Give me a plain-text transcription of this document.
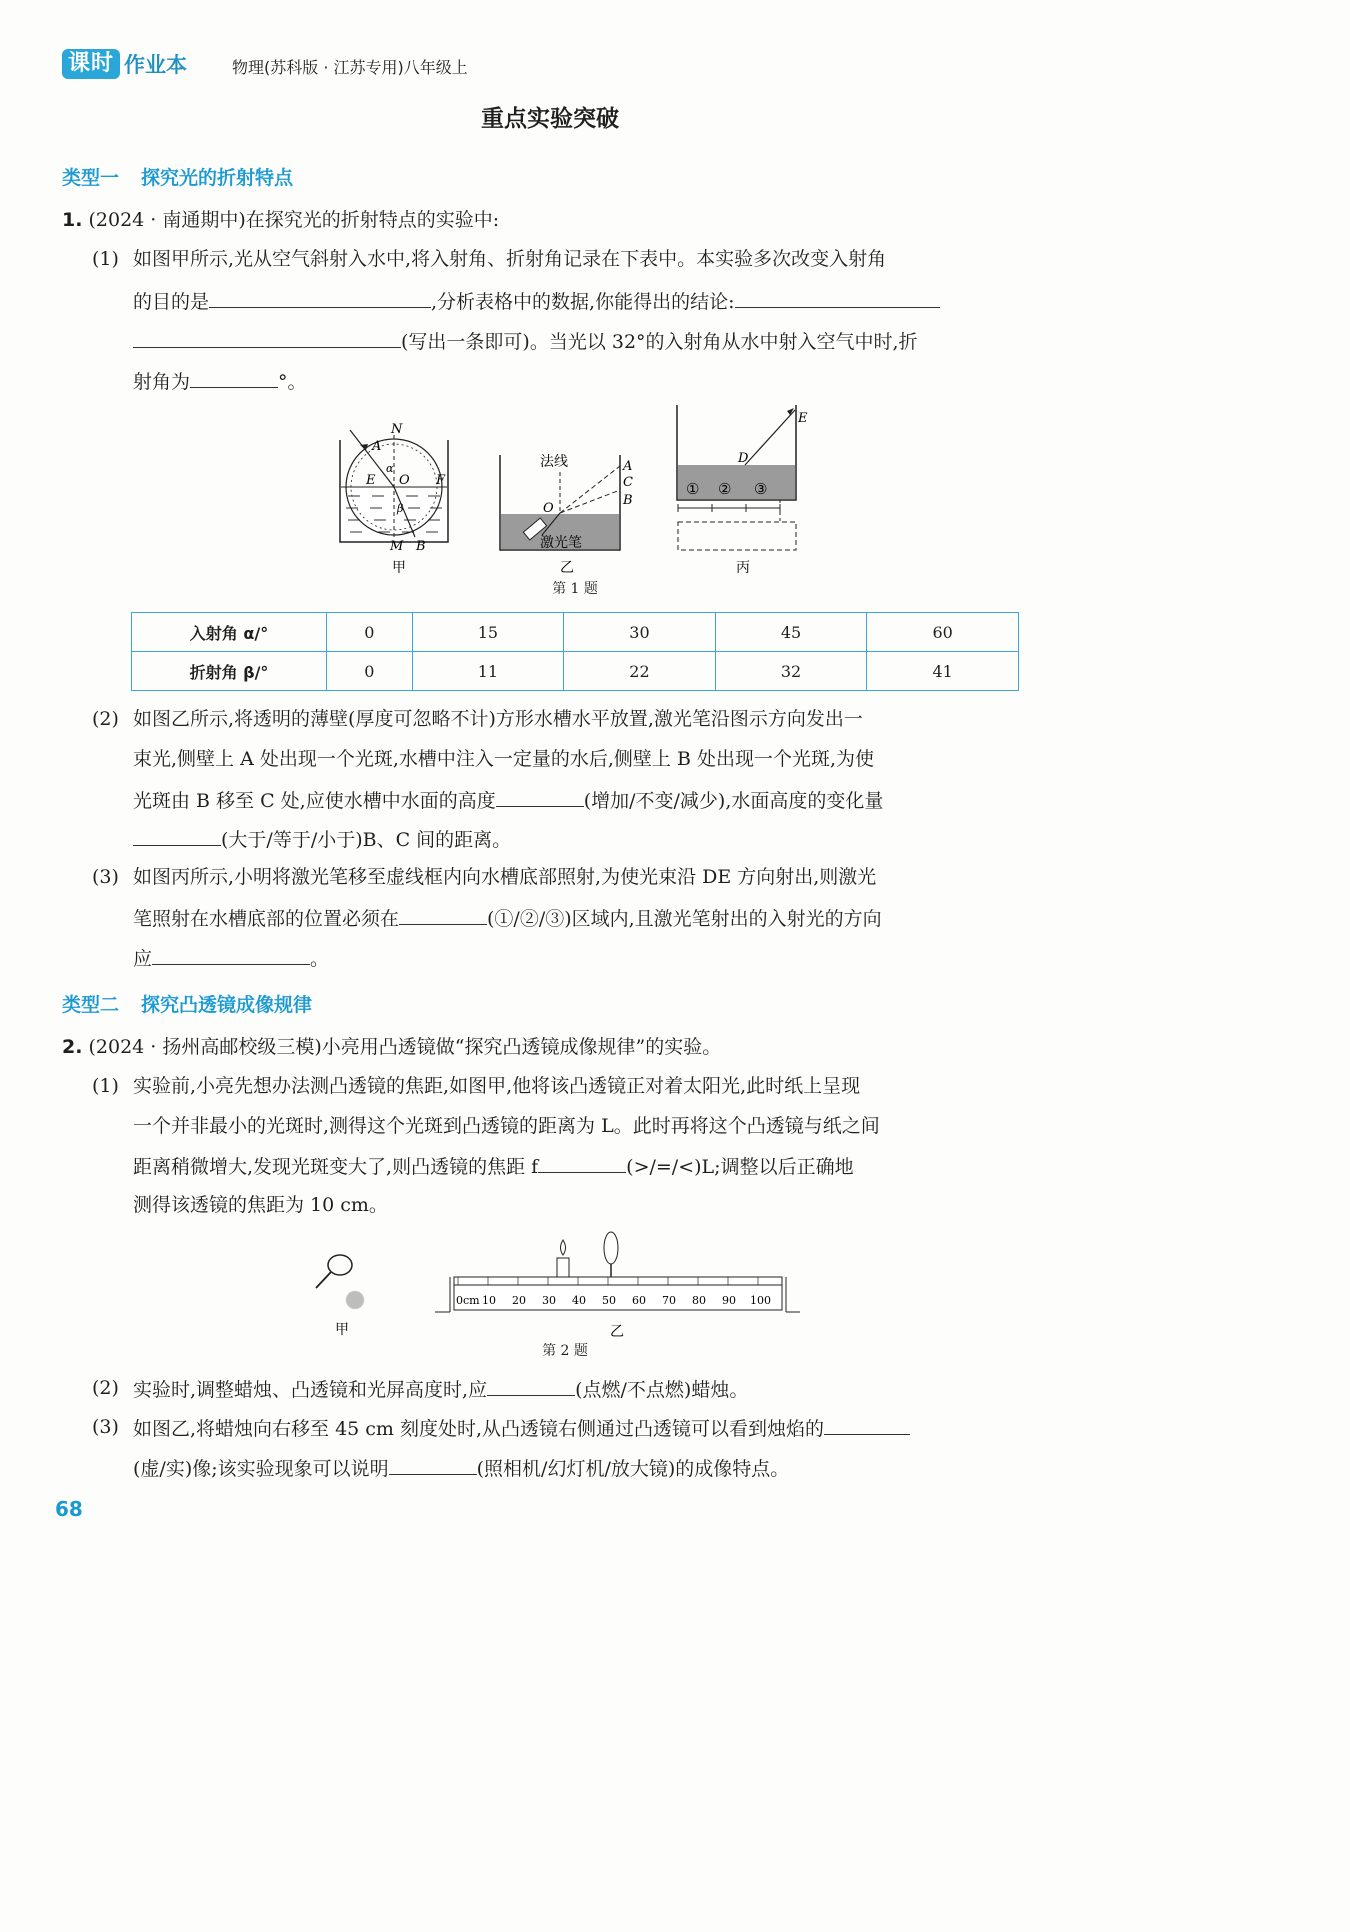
课时 作业本	物理(苏科版 · 江苏专用)八年级上
重点实验突破
类型一 探究光的折射特点
1. (2024 · 南通期中)在探究光的折射特点的实验中:
(1) 如图甲所示,光从空气斜射入水中,将入射角、折射角记录在下表中。本实验多次改变入射角
的目的是	,分析表格中的数据,你能得出的结论:
(写出一条即可)。当光以 32°的入射角从水中射入空气中时,折
射角为	°。
N
A
α
E O F
β
M B
甲
法线	A
C
B
O
激光笔
乙
E
D
① ② ③
丙
第 1 题
入射角 α/°	0	15	30	45	60
折射角 β/°	0	11	22	32	41
(2) 如图乙所示,将透明的薄壁(厚度可忽略不计)方形水槽水平放置,激光笔沿图示方向发出一
束光,侧壁上 A 处出现一个光斑,水槽中注入一定量的水后,侧壁上 B 处出现一个光斑,为使
光斑由 B 移至 C 处,应使水槽中水面的高度	(增加/不变/减少),水面高度的变化量
(大于/等于/小于)B、C 间的距离。
(3) 如图丙所示,小明将激光笔移至虚线框内向水槽底部照射,为使光束沿 DE 方向射出,则激光
笔照射在水槽底部的位置必须在	(①/②/③)区域内,且激光笔射出的入射光的方向
应	。
类型二 探究凸透镜成像规律
2. (2024 · 扬州高邮校级三模)小亮用凸透镜做“探究凸透镜成像规律”的实验。
(1) 实验前,小亮先想办法测凸透镜的焦距,如图甲,他将该凸透镜正对着太阳光,此时纸上呈现
一个并非最小的光斑时,测得这个光斑到凸透镜的距离为 L。此时再将这个凸透镜与纸之间
距离稍微增大,发现光斑变大了,则凸透镜的焦距 f	(>/=/<)L;调整以后正确地
测得该透镜的焦距为 10 cm。
甲
0cm 10 20 30 40 50 60 70 80 90 100
乙
第 2 题
(2) 实验时,调整蜡烛、凸透镜和光屏高度时,应	(点燃/不点燃)蜡烛。
(3) 如图乙,将蜡烛向右移至 45 cm 刻度处时,从凸透镜右侧通过凸透镜可以看到烛焰的
(虚/实)像;该实验现象可以说明	(照相机/幻灯机/放大镜)的成像特点。
68
